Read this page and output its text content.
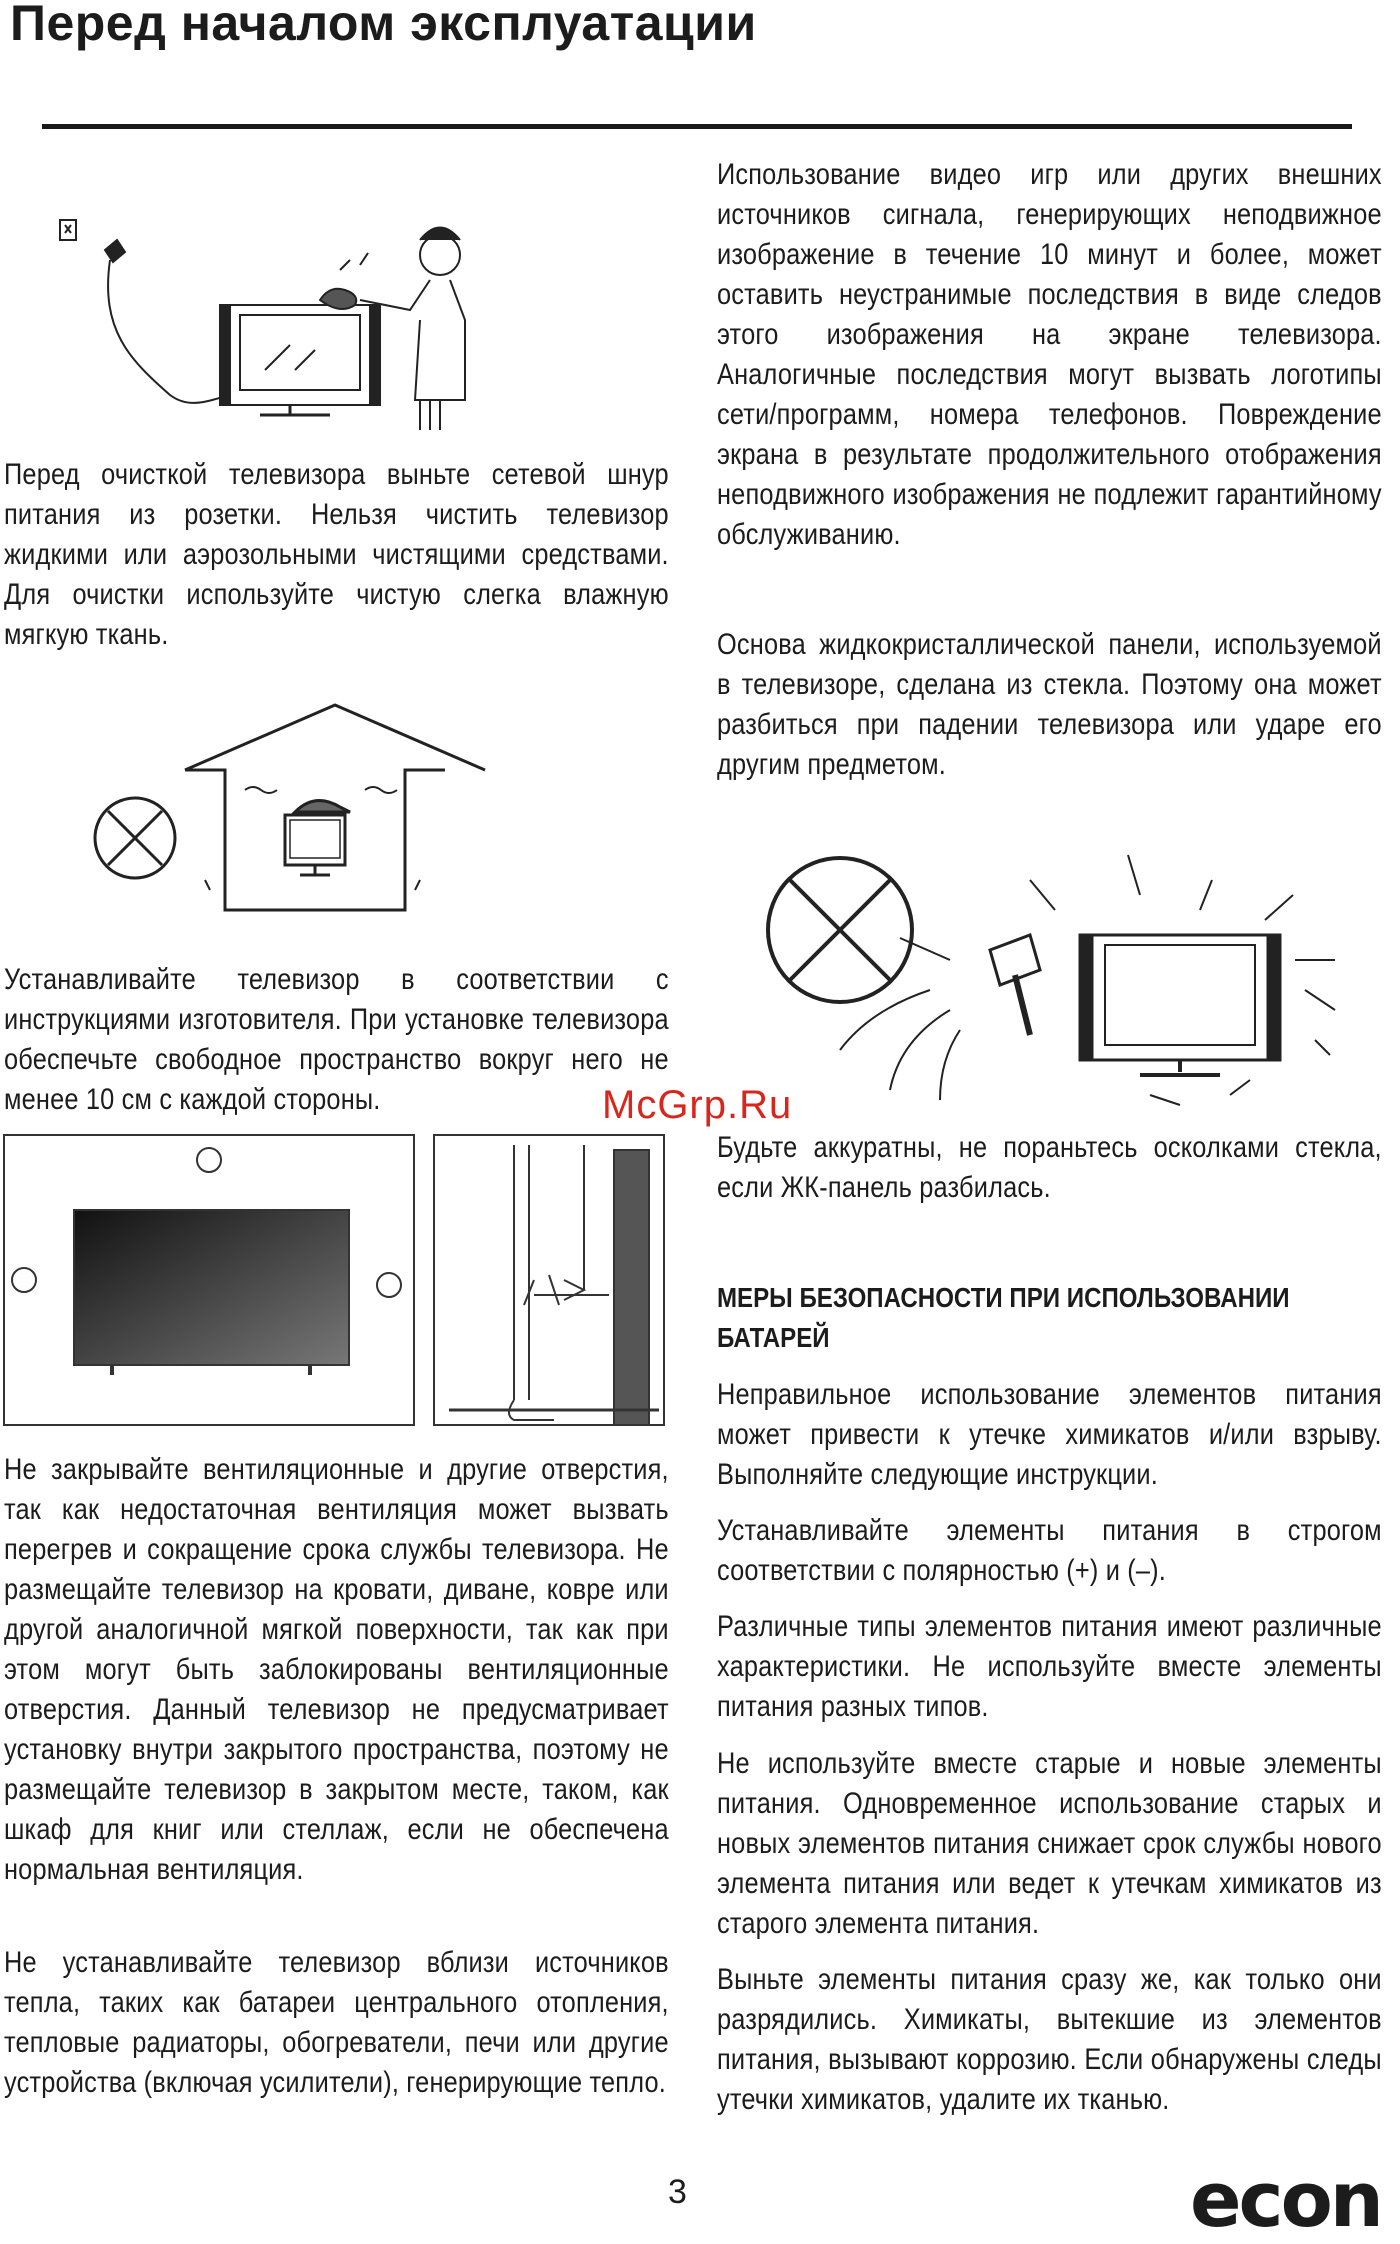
Перед началом эксплуатации

Перед очисткой телевизора выньте сетевой шнур питания из розетки. Нельзя чистить телевизор жидкими или аэрозольными чистящими средствами. Для очистки используйте чистую слегка влажную мягкую ткань.

Устанавливайте телевизор в соответствии с инструкциями изготовителя. При установке телевизора обеспечьте свободное пространство вокруг него не менее 10 см с каждой стороны.

Не закрывайте вентиляционные и другие отверстия, так как недостаточная вентиляция может вызвать перегрев и сокращение срока службы телевизора. Не размещайте телевизор на кровати, диване, ковре или другой аналогичной мягкой поверхности, так как при этом могут быть заблокированы вентиляционные отверстия. Данный телевизор не предусматривает установку внутри закрытого пространства, поэтому не размещайте телевизор в закрытом месте, таком, как шкаф для книг или стеллаж, если не обеспечена нормальная вентиляция.

Не устанавливайте телевизор вблизи источников тепла, таких как батареи центрального отопления, тепловые радиаторы, обогреватели, печи или другие устройства (включая усилители), генерирующие тепло.

Использование видео игр или других внешних источников сигнала, генерирующих неподвижное изображение в течение 10 минут и более, может оставить неустранимые последствия в виде следов этого изображения на экране телевизора. Аналогичные последствия могут вызвать логотипы сети/программ, номера телефонов. Повреждение экрана в результате продолжительного отображения неподвижного изображения не подлежит гарантийному обслуживанию.

Основа жидкокристаллической панели, используемой в телевизоре, сделана из стекла. Поэтому она может разбиться при падении телевизора или ударе его другим предметом.

McGrp.Ru

Будьте аккуратны, не пораньтесь осколками стекла, если ЖК-панель разбилась.

МЕРЫ БЕЗОПАСНОСТИ ПРИ ИСПОЛЬЗОВАНИИ БАТАРЕЙ

Неправильное использование элементов питания может привести к утечке химикатов и/или взрыву. Выполняйте следующие инструкции.

Устанавливайте элементы питания в строгом соответствии с полярностью (+) и (–).

Различные типы элементов питания имеют различные характеристики. Не используйте вместе элементы питания разных типов.

Не используйте вместе старые и новые элементы питания. Одновременное использование старых и новых элементов питания снижает срок службы нового элемента питания или ведет к утечкам химикатов из старого элемента питания.

Выньте элементы питания сразу же, как только они разрядились. Химикаты, вытекшие из элементов питания, вызывают коррозию. Если обнаружены следы утечки химикатов, удалите их тканью.

3	econ
